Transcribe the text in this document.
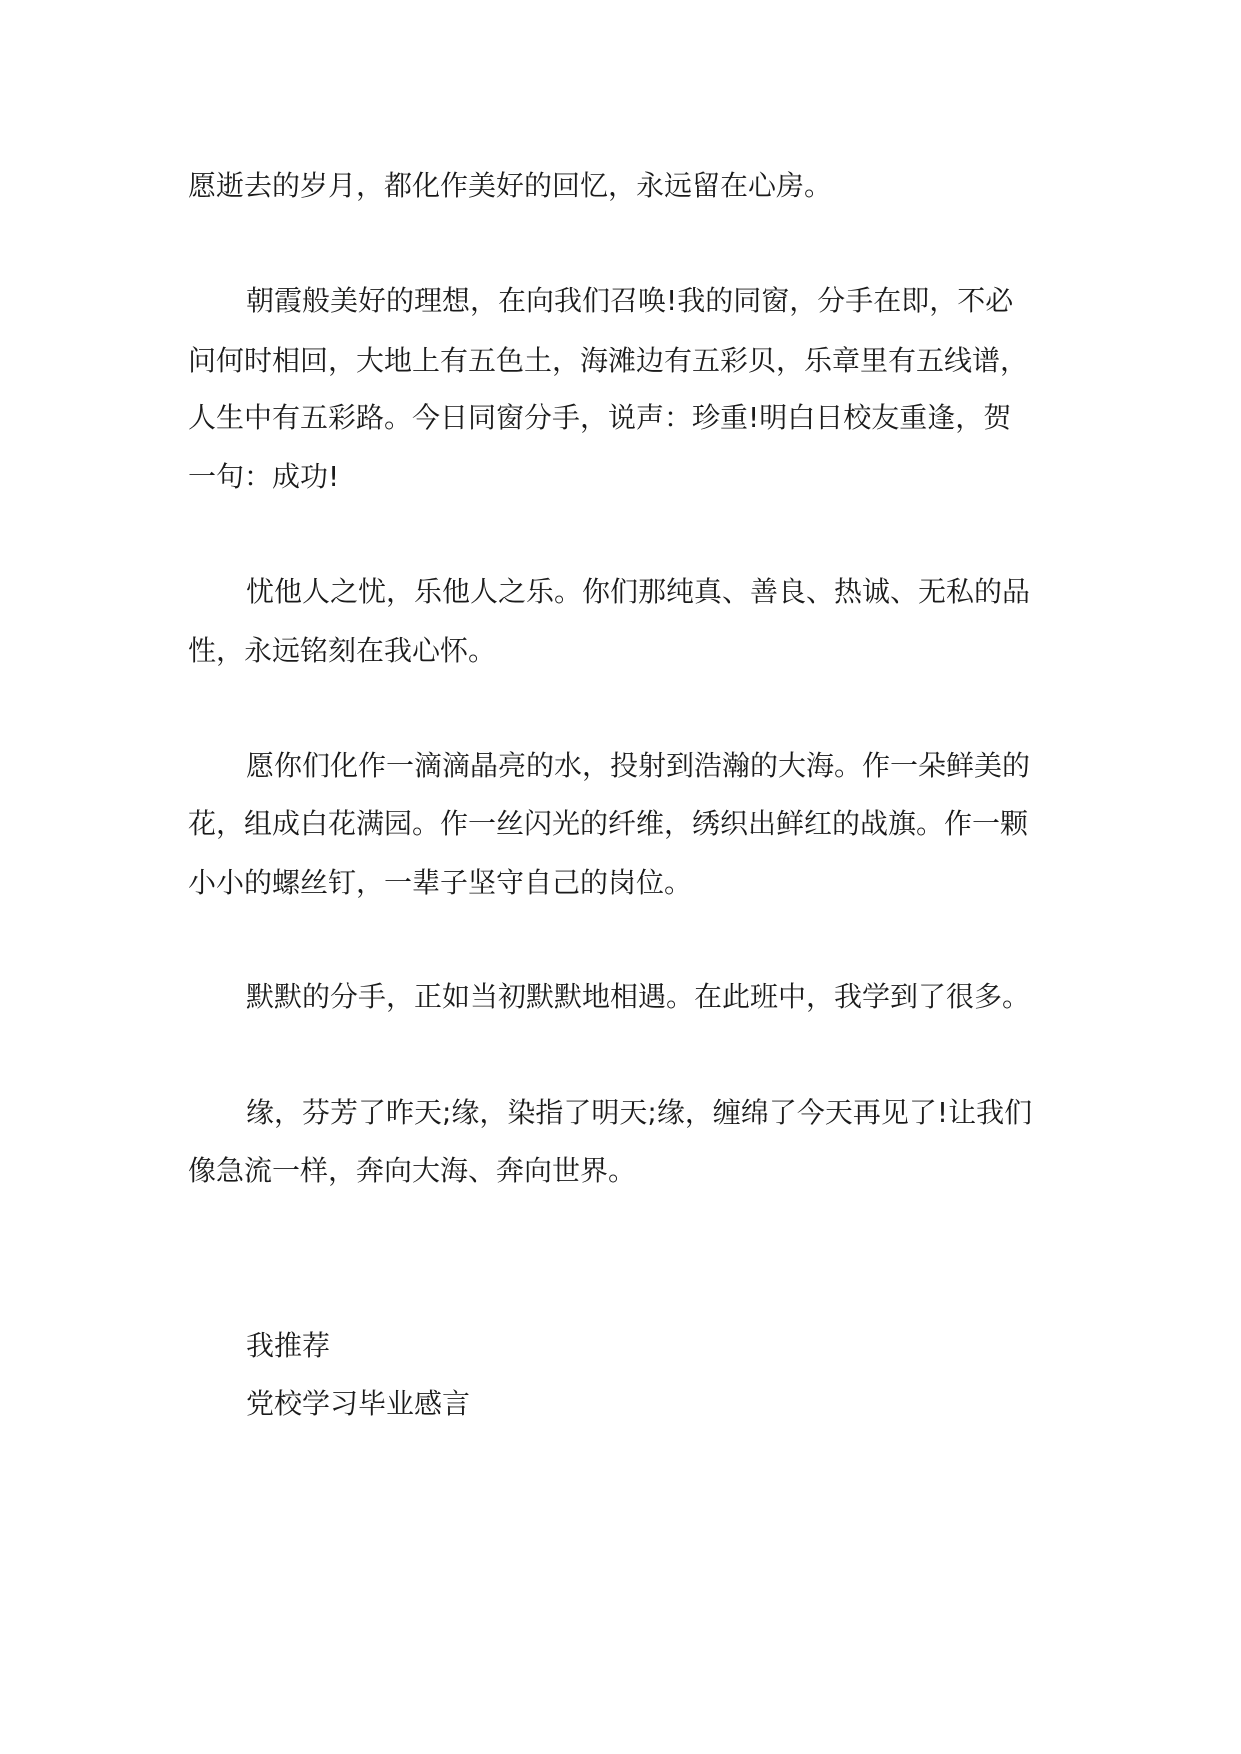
愿逝去的岁月，都化作美好的回忆，永远留在心房。

朝霞般美好的理想，在向我们召唤!我的同窗，分手在即，不必

问何时相回，大地上有五色土，海滩边有五彩贝，乐章里有五线谱，

人生中有五彩路。今日同窗分手，说声：珍重!明白日校友重逢，贺

一句：成功!

忧他人之忧，乐他人之乐。你们那纯真、善良、热诚、无私的品

性，永远铭刻在我心怀。

愿你们化作一滴滴晶亮的水，投射到浩瀚的大海。作一朵鲜美的

花，组成白花满园。作一丝闪光的纤维，绣织出鲜红的战旗。作一颗

小小的螺丝钉，一辈子坚守自己的岗位。

默默的分手，正如当初默默地相遇。在此班中，我学到了很多。

缘，芬芳了昨天;缘，染指了明天;缘，缠绵了今天再见了!让我们

像急流一样，奔向大海、奔向世界。

我推荐

党校学习毕业感言
